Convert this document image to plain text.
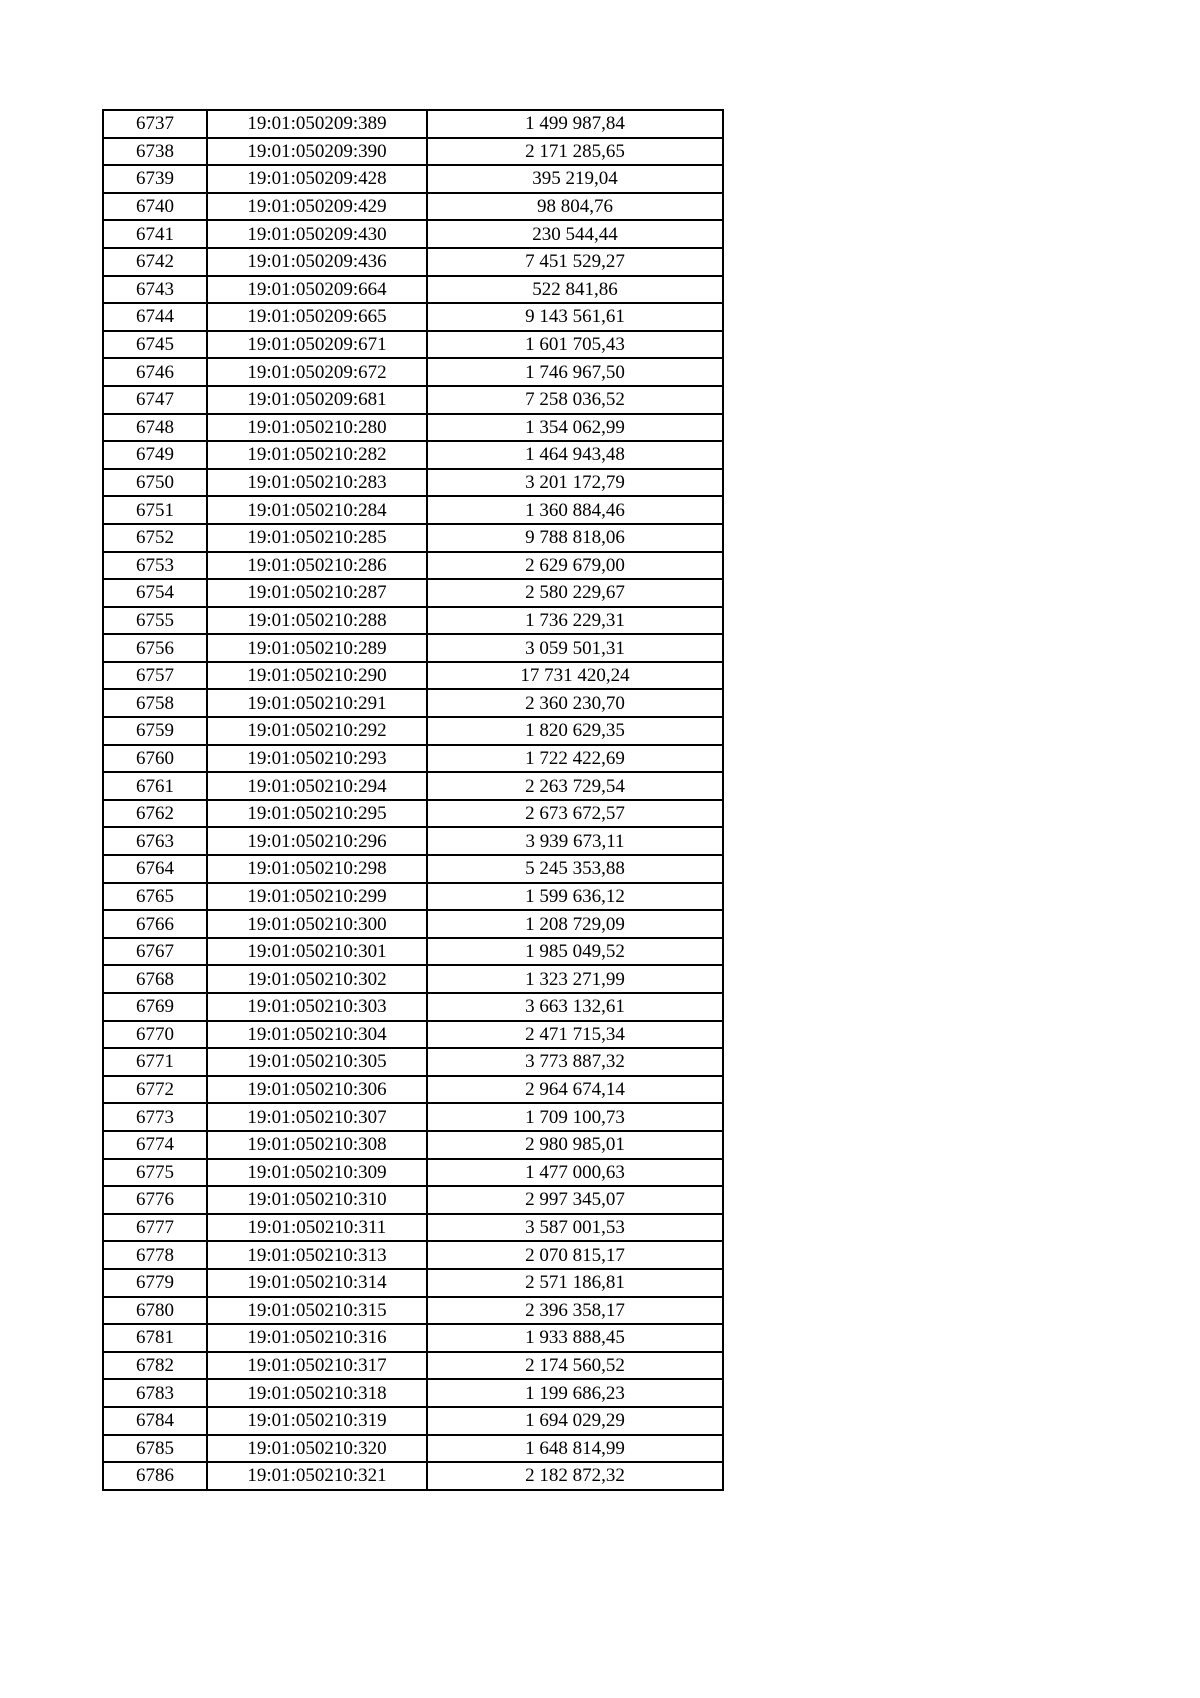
6737	19:01:050209:389	1 499 987,84
6738	19:01:050209:390	2 171 285,65
6739	19:01:050209:428	395 219,04
6740	19:01:050209:429	98 804,76
6741	19:01:050209:430	230 544,44
6742	19:01:050209:436	7 451 529,27
6743	19:01:050209:664	522 841,86
6744	19:01:050209:665	9 143 561,61
6745	19:01:050209:671	1 601 705,43
6746	19:01:050209:672	1 746 967,50
6747	19:01:050209:681	7 258 036,52
6748	19:01:050210:280	1 354 062,99
6749	19:01:050210:282	1 464 943,48
6750	19:01:050210:283	3 201 172,79
6751	19:01:050210:284	1 360 884,46
6752	19:01:050210:285	9 788 818,06
6753	19:01:050210:286	2 629 679,00
6754	19:01:050210:287	2 580 229,67
6755	19:01:050210:288	1 736 229,31
6756	19:01:050210:289	3 059 501,31
6757	19:01:050210:290	17 731 420,24
6758	19:01:050210:291	2 360 230,70
6759	19:01:050210:292	1 820 629,35
6760	19:01:050210:293	1 722 422,69
6761	19:01:050210:294	2 263 729,54
6762	19:01:050210:295	2 673 672,57
6763	19:01:050210:296	3 939 673,11
6764	19:01:050210:298	5 245 353,88
6765	19:01:050210:299	1 599 636,12
6766	19:01:050210:300	1 208 729,09
6767	19:01:050210:301	1 985 049,52
6768	19:01:050210:302	1 323 271,99
6769	19:01:050210:303	3 663 132,61
6770	19:01:050210:304	2 471 715,34
6771	19:01:050210:305	3 773 887,32
6772	19:01:050210:306	2 964 674,14
6773	19:01:050210:307	1 709 100,73
6774	19:01:050210:308	2 980 985,01
6775	19:01:050210:309	1 477 000,63
6776	19:01:050210:310	2 997 345,07
6777	19:01:050210:311	3 587 001,53
6778	19:01:050210:313	2 070 815,17
6779	19:01:050210:314	2 571 186,81
6780	19:01:050210:315	2 396 358,17
6781	19:01:050210:316	1 933 888,45
6782	19:01:050210:317	2 174 560,52
6783	19:01:050210:318	1 199 686,23
6784	19:01:050210:319	1 694 029,29
6785	19:01:050210:320	1 648 814,99
6786	19:01:050210:321	2 182 872,32
